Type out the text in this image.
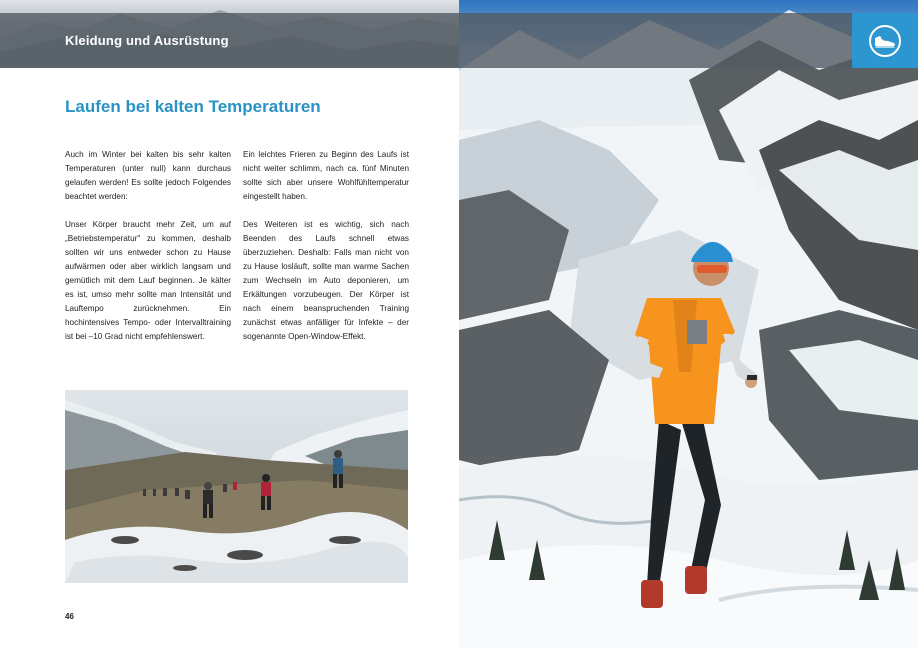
Laufen bei kalten Temperaturen

Auch im Winter bei kalten bis sehr kalten Temperaturen (unter null) kann durchaus gelaufen werden! Es sollte jedoch Folgendes beachtet werden:

Unser Körper braucht mehr Zeit, um auf „Betriebstemperatur" zu kommen, deshalb sollten wir uns entweder schon zu Hause aufwärmen oder aber wirklich langsam und gemütlich mit dem Lauf beginnen. Je kälter es ist, umso mehr sollte man Intensität und Lauftempo zurücknehmen. Ein hochintensives Tempo- oder Intervalltraining ist bei –10 Grad nicht empfehlenswert.

Ein leichtes Frieren zu Beginn des Laufs ist nicht weiter schlimm, nach ca. fünf Minuten sollte sich aber unsere Wohlfühltemperatur eingestellt haben.

Des Weiteren ist es wichtig, sich nach Beenden des Laufs schnell etwas überzuziehen. Deshalb: Falls man nicht von zu Hause losläuft, sollte man warme Sachen zum Wechseln im Auto deponieren, um Erkältungen vorzubeugen. Der Körper ist nach einem beanspruchenden Training zunächst etwas anfälliger für Infekte – der sogenannte Open-Window-Effekt.

46

Kleidung und Ausrüstung
